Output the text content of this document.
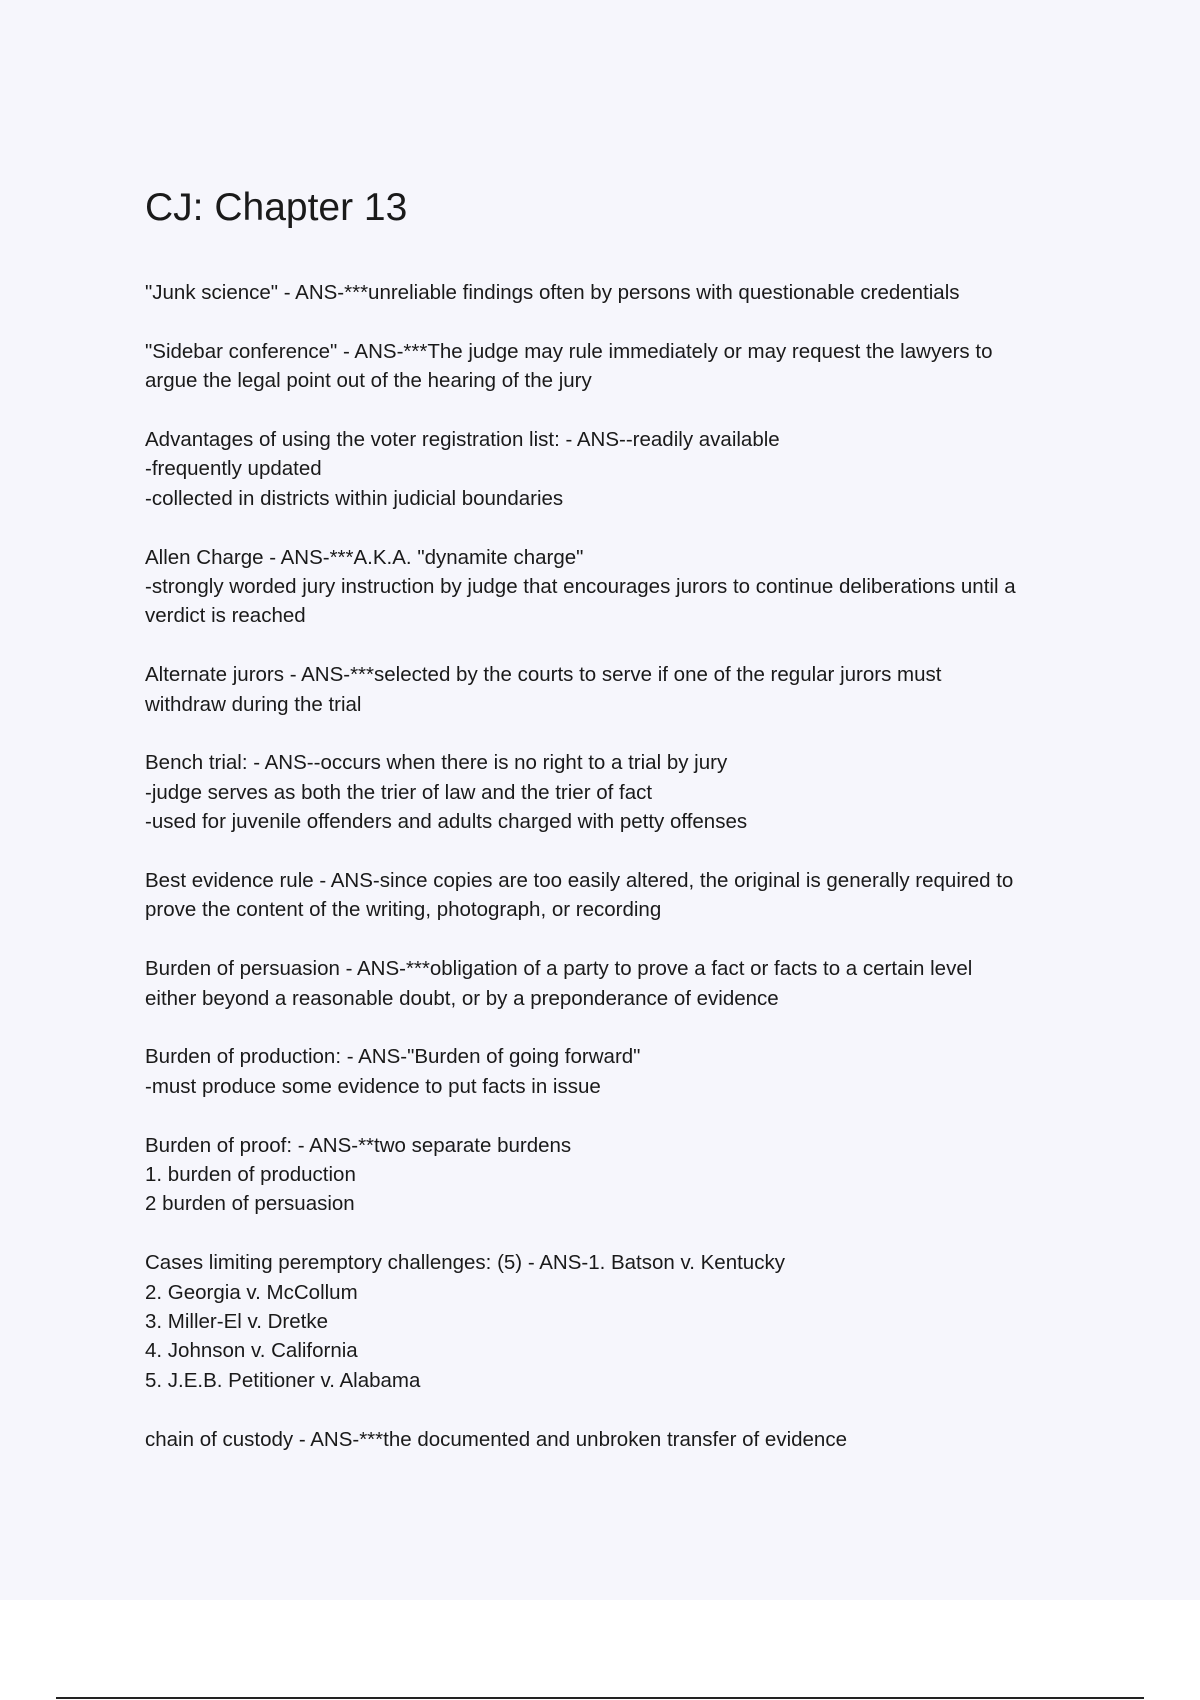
CJ: Chapter 13
"Junk science" - ANS-***unreliable findings often by persons with questionable credentials
"Sidebar conference" - ANS-***The judge may rule immediately or may request the lawyers to
argue the legal point out of the hearing of the jury
Advantages of using the voter registration list: - ANS--readily available
-frequently updated
-collected in districts within judicial boundaries
Allen Charge - ANS-***A.K.A. "dynamite charge"
-strongly worded jury instruction by judge that encourages jurors to continue deliberations until a
verdict is reached
Alternate jurors - ANS-***selected by the courts to serve if one of the regular jurors must
withdraw during the trial
Bench trial: - ANS--occurs when there is no right to a trial by jury
-judge serves as both the trier of law and the trier of fact
-used for juvenile offenders and adults charged with petty offenses
Best evidence rule - ANS-since copies are too easily altered, the original is generally required to
prove the content of the writing, photograph, or recording
Burden of persuasion - ANS-***obligation of a party to prove a fact or facts to a certain level
either beyond a reasonable doubt, or by a preponderance of evidence
Burden of production: - ANS-"Burden of going forward"
-must produce some evidence to put facts in issue
Burden of proof: - ANS-**two separate burdens
1. burden of production
2 burden of persuasion
Cases limiting peremptory challenges: (5) - ANS-1. Batson v. Kentucky
2. Georgia v. McCollum
3. Miller-El v. Dretke
4. Johnson v. California
5. J.E.B. Petitioner v. Alabama
chain of custody - ANS-***the documented and unbroken transfer of evidence
